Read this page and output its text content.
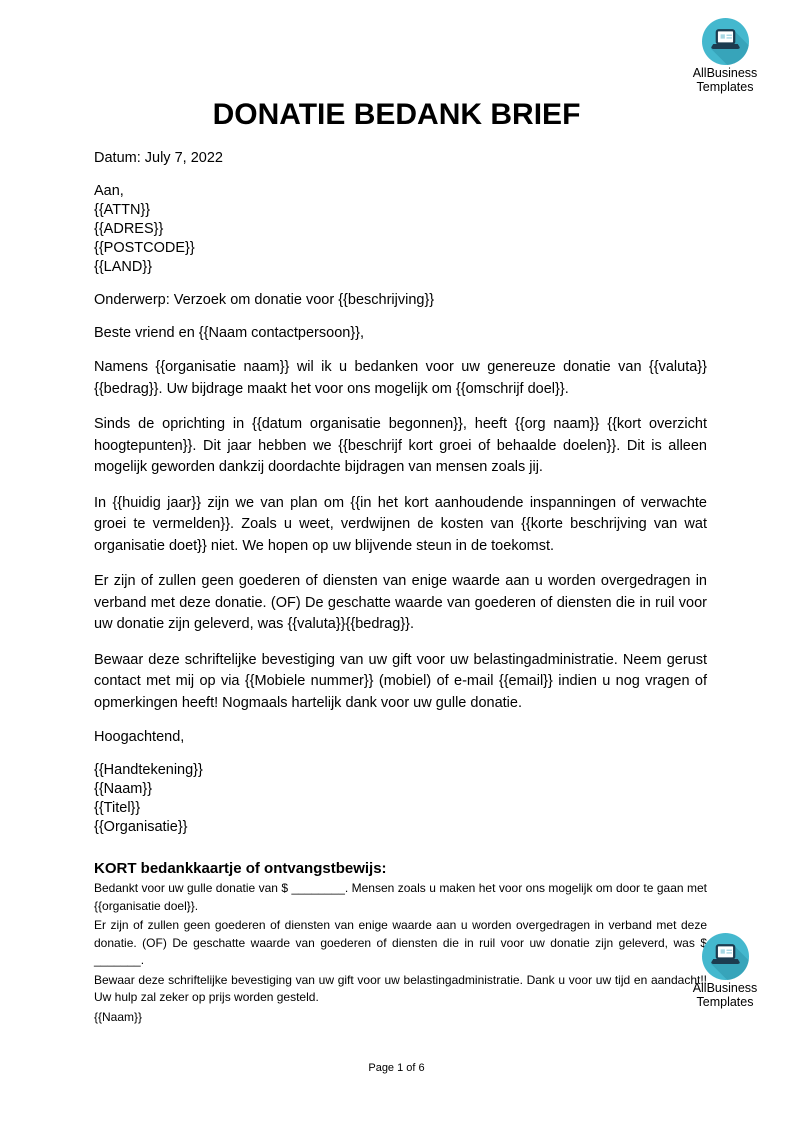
AllBusiness
Templates
DONATIE BEDANK BRIEF
Datum: July 7, 2022
Aan,
{{ATTN}}
{{ADRES}}
{{POSTCODE}}
{{LAND}}
Onderwerp: Verzoek om donatie voor {{beschrijving}}
Beste vriend en {{Naam contactpersoon}},

Namens {{organisatie naam}} wil ik u bedanken voor uw genereuze donatie van {{valuta}}{{bedrag}}. Uw bijdrage maakt het voor ons mogelijk om {{omschrijf doel}}.

Sinds de oprichting in {{datum organisatie begonnen}}, heeft {{org naam}} {{kort overzicht hoogtepunten}}. Dit jaar hebben we {{beschrijf kort groei of behaalde doelen}}. Dit is alleen mogelijk geworden dankzij doordachte bijdragen van mensen zoals jij.

In {{huidig jaar}} zijn we van plan om {{in het kort aanhoudende inspanningen of verwachte groei te vermelden}}. Zoals u weet, verdwijnen de kosten van {{korte beschrijving van wat organisatie doet}} niet. We hopen op uw blijvende steun in de toekomst.

Er zijn of zullen geen goederen of diensten van enige waarde aan u worden overgedragen in verband met deze donatie. (OF) De geschatte waarde van goederen of diensten die in ruil voor uw donatie zijn geleverd, was {{valuta}}{{bedrag}}.

Bewaar deze schriftelijke bevestiging van uw gift voor uw belastingadministratie. Neem gerust contact met mij op via {{Mobiele nummer}} (mobiel) of e-mail {{email}} indien u nog vragen of opmerkingen heeft! Nogmaals hartelijk dank voor uw gulle donatie.

Hoogachtend,
{{Handtekening}}
{{Naam}}
{{Titel}}
{{Organisatie}}
KORT bedankkaartje of ontvangstbewijs:

Bedankt voor uw gulle donatie van $ ________. Mensen zoals u maken het voor ons mogelijk om door te gaan met {{organisatie doel}}.

Er zijn of zullen geen goederen of diensten van enige waarde aan u worden overgedragen in verband met deze donatie. (OF) De geschatte waarde van goederen of diensten die in ruil voor uw donatie zijn geleverd, was $ _______.

Bewaar deze schriftelijke bevestiging van uw gift voor uw belastingadministratie. Dank u voor uw tijd en aandacht!! Uw hulp zal zeker op prijs worden gesteld.

{{Naam}}

AllBusiness
Templates
Page 1 of 6
